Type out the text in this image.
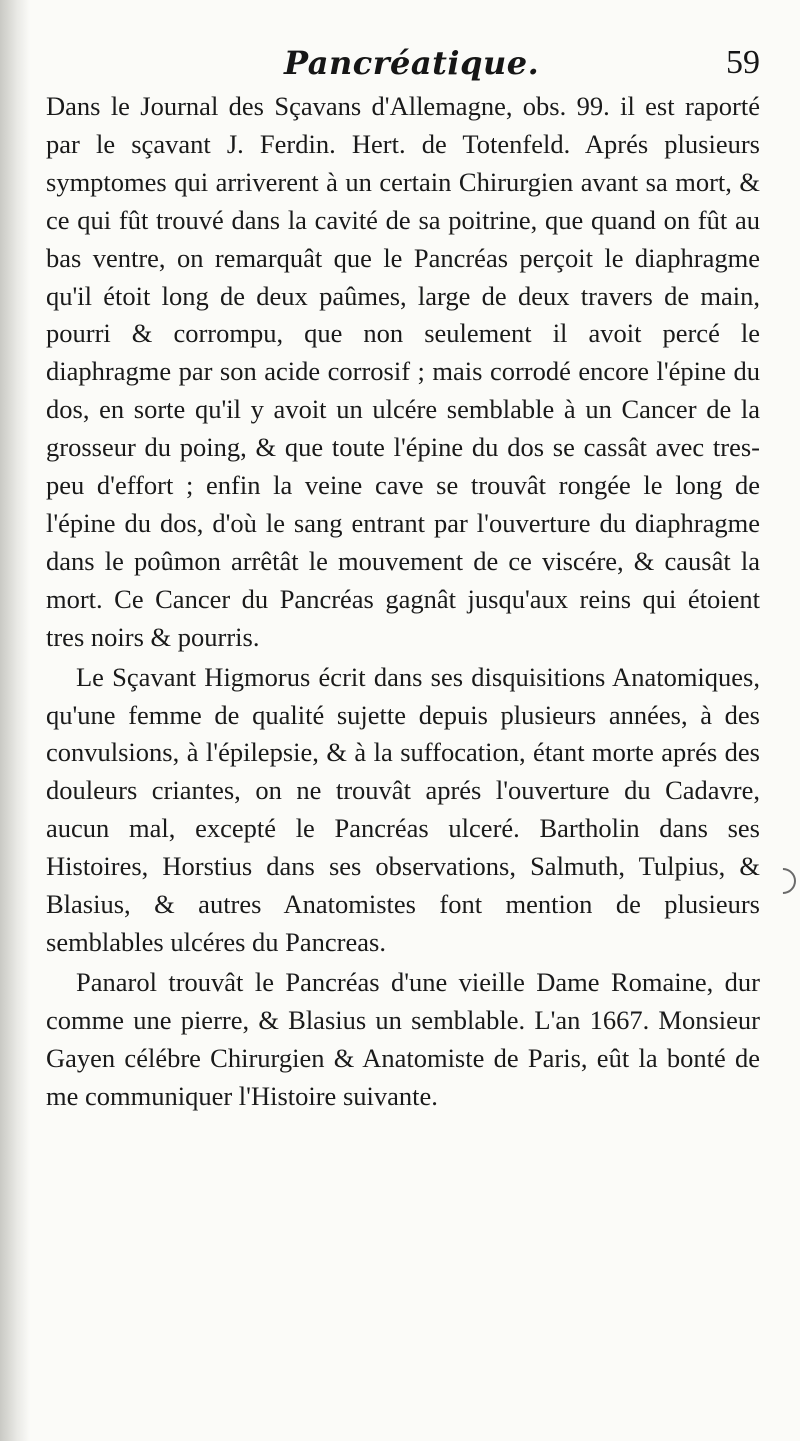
Pancréatique.	59

Dans le Journal des Sçavans d'Allemagne, obs. 99. il est raporté par le sçavant J. Ferdin. Hert. de Totenfeld. Aprés plusieurs symptomes qui arriverent à un certain Chirurgien avant sa mort, & ce qui fût trouvé dans la cavité de sa poitrine, que quand on fût au bas ventre, on remarquât que le Pancréas perçoit le diaphragme qu'il étoit long de deux paûmes, large de deux travers de main, pourri & corrompu, que non seulement il avoit percé le diaphragme par son acide corrosif ; mais corrodé encore l'épine du dos, en sorte qu'il y avoit un ulcére semblable à un Cancer de la grosseur du poing, & que toute l'épine du dos se cassât avec tres-peu d'effort ; enfin la veine cave se trouvât rongée le long de l'épine du dos, d'où le sang entrant par l'ouverture du diaphragme dans le poûmon arrêtât le mouvement de ce viscére, & causât la mort. Ce Cancer du Pancréas gagnât jusqu'aux reins qui étoient tres noirs & pourris.

Le Sçavant Higmorus écrit dans ses disquisitions Anatomiques, qu'une femme de qualité sujette depuis plusieurs années, à des convulsions, à l'épilepsie, & à la suffocation, étant morte aprés des douleurs criantes, on ne trouvât aprés l'ouverture du Cadavre, aucun mal, excepté le Pancréas ulceré. Bartholin dans ses Histoires, Horstius dans ses observations, Salmuth, Tulpius, & Blasius, & autres Anatomistes font mention de plusieurs semblables ulcéres du Pancreas.

Panarol trouvât le Pancréas d'une vieille Dame Romaine, dur comme une pierre, & Blasius un semblable. L'an 1667. Monsieur Gayen célébre Chirurgien & Anatomiste de Paris, eût la bonté de me communiquer l'Histoire suivante.
